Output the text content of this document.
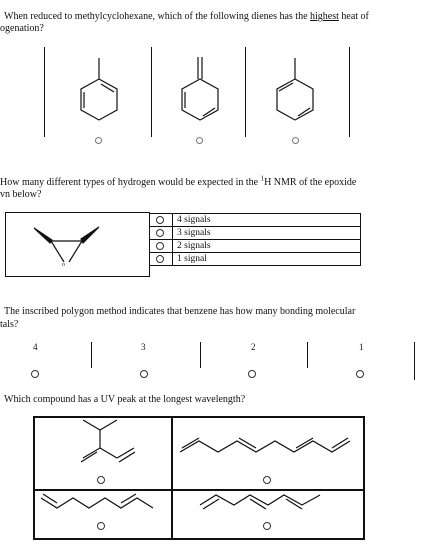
When reduced to methylcyclohexane, which of the following dienes has the highest heat of
ogenation?
How many different types of hydrogen would be expected in the $^1$H NMR of the epoxide
vn below?
o
	4 signals

	3 signals

	2 signals

	1 signal
The inscribed polygon method indicates that benzene has how many bonding molecular
tals?
4	3	2	1
Which compound has a UV peak at the longest wavelength?
